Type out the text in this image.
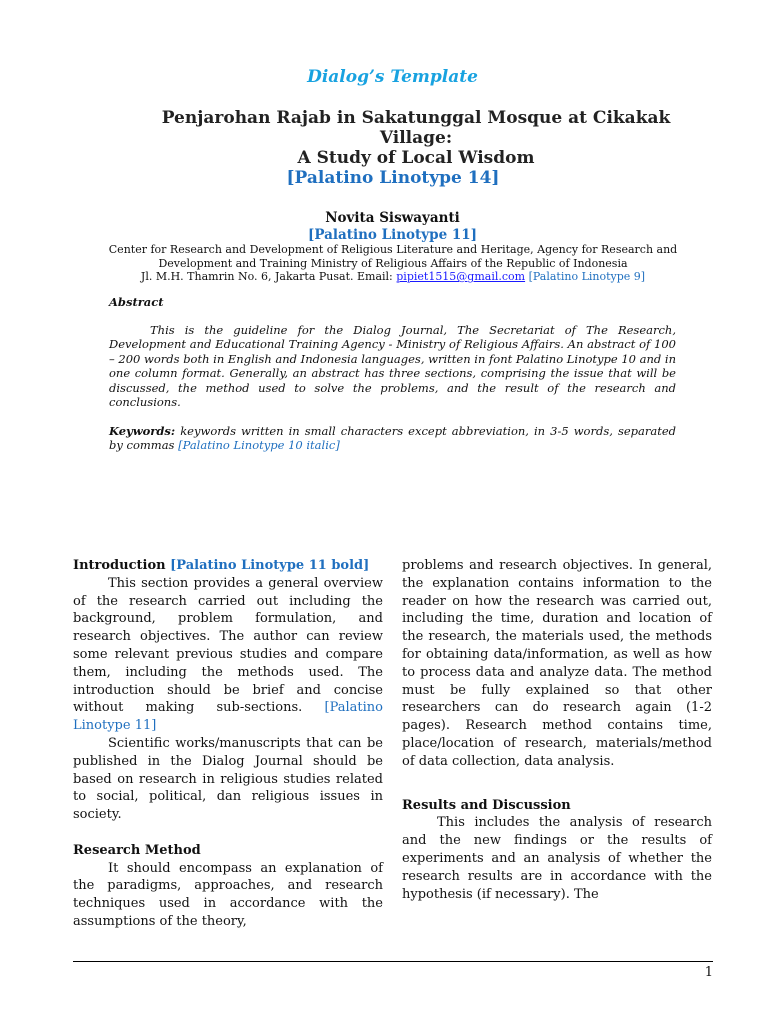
Dialog’s Template
Penjarohan Rajab in Sakatunggal Mosque at Cikakak Village:
A Study of Local Wisdom
[Palatino Linotype 14]
Novita Siswayanti
[Palatino Linotype 11]
Center for Research and Development of Religious Literature and Heritage, Agency for Research and Development and Training Ministry of Religious Affairs of the Republic of Indonesia
Jl. M.H. Thamrin No. 6, Jakarta Pusat. Email: pipiet1515@gmail.com [Palatino Linotype 9]
Abstract
This is the guideline for the Dialog Journal, The Secretariat of The Research, Development and Educational Training Agency - Ministry of Religious Affairs. An abstract of 100 – 200 words both in English and Indonesia languages, written in font Palatino Linotype 10 and in one column format. Generally, an abstract has three sections, comprising the issue that will be discussed, the method used to solve the problems, and the result of the research and conclusions.
Keywords: keywords written in small characters except abbreviation, in 3-5 words, separated by commas [Palatino Linotype 10 italic]

Introduction [Palatino Linotype 11 bold]

This section provides a general overview of the research carried out including the background, problem formulation, and research objectives. The author can review some relevant previous studies and compare them, including the methods used. The introduction should be brief and concise without making sub-sections. [Palatino Linotype 11]

Scientific works/manuscripts that can be published in the Dialog Journal should be based on research in religious studies related to social, political, dan religious issues in society.

Research Method

It should encompass an explanation of the paradigms, approaches, and research techniques used in accordance with the assumptions of the theory,

problems and research objectives. In general, the explanation contains information to the reader on how the research was carried out, including the time, duration and location of the research, the materials used, the methods for obtaining data/information, as well as how to process data and analyze data. The method must be fully explained so that other researchers can do research again (1-2 pages). Research method contains time, place/location of research, materials/method of data collection, data analysis.

Results and Discussion

This includes the analysis of research and the new findings or the results of experiments and an analysis of whether the research results are in accordance with the hypothesis (if necessary). The

1
